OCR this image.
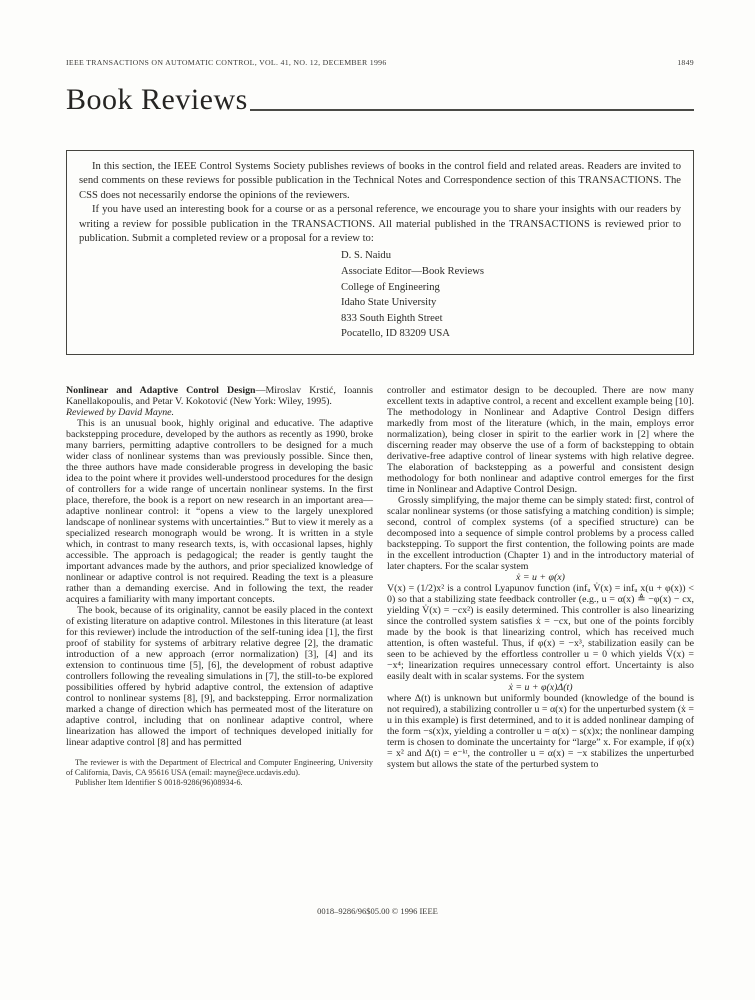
IEEE TRANSACTIONS ON AUTOMATIC CONTROL, VOL. 41, NO. 12, DECEMBER 1996	1849
Book Reviews

In this section, the IEEE Control Systems Society publishes reviews of books in the control field and related areas. Readers are invited to send comments on these reviews for possible publication in the Technical Notes and Correspondence section of this TRANSACTIONS. The CSS does not necessarily endorse the opinions of the reviewers.

If you have used an interesting book for a course or as a personal reference, we encourage you to share your insights with our readers by writing a review for possible publication in the TRANSACTIONS. All material published in the TRANSACTIONS is reviewed prior to publication. Submit a completed review or a proposal for a review to:

D. S. Naidu
Associate Editor—Book Reviews
College of Engineering
Idaho State University
833 South Eighth Street
Pocatello, ID 83209 USA

Nonlinear and Adaptive Control Design—Miroslav Krstić, Ioannis Kanellakopoulis, and Petar V. Kokotović (New York: Wiley, 1995).
Reviewed by David Mayne.

This is an unusual book, highly original and educative. The adaptive backstepping procedure, developed by the authors as recently as 1990, broke many barriers, permitting adaptive controllers to be designed for a much wider class of nonlinear systems than was previously possible. Since then, the three authors have made considerable progress in developing the basic idea to the point where it provides well-understood procedures for the design of controllers for a wide range of uncertain nonlinear systems. In the first place, therefore, the book is a report on new research in an important area—adaptive nonlinear control: it “opens a view to the largely unexplored landscape of nonlinear systems with uncertainties.” But to view it merely as a specialized research monograph would be wrong. It is written in a style which, in contrast to many research texts, is, with occasional lapses, highly accessible. The approach is pedagogical; the reader is gently taught the important advances made by the authors, and prior specialized knowledge of nonlinear or adaptive control is not required. Reading the text is a pleasure rather than a demanding exercise. And in following the text, the reader acquires a familiarity with many important concepts.

The book, because of its originality, cannot be easily placed in the context of existing literature on adaptive control. Milestones in this literature (at least for this reviewer) include the introduction of the self-tuning idea [1], the first proof of stability for systems of arbitrary relative degree [2], the dramatic introduction of a new approach (error normalization) [3], [4] and its extension to continuous time [5], [6], the development of robust adaptive controllers following the revealing simulations in [7], the still-to-be explored possibilities offered by hybrid adaptive control, the extension of adaptive control to nonlinear systems [8], [9], and backstepping. Error normalization marked a change of direction which has permeated most of the literature on adaptive control, including that on nonlinear adaptive control, where linearization has allowed the import of techniques developed initially for linear adaptive control [8] and has permitted

The reviewer is with the Department of Electrical and Computer Engineering, University of California, Davis, CA 95616 USA (email: mayne@ece.ucdavis.edu).

Publisher Item Identifier S 0018-9286(96)08934-6.

controller and estimator design to be decoupled. There are now many excellent texts in adaptive control, a recent and excellent example being [10]. The methodology in Nonlinear and Adaptive Control Design differs markedly from most of the literature (which, in the main, employs error normalization), being closer in spirit to the earlier work in [2] where the discerning reader may observe the use of a form of backstepping to obtain derivative-free adaptive control of linear systems with high relative degree. The elaboration of backstepping as a powerful and consistent design methodology for both nonlinear and adaptive control emerges for the first time in Nonlinear and Adaptive Control Design.

Grossly simplifying, the major theme can be simply stated: first, control of scalar nonlinear systems (or those satisfying a matching condition) is simple; second, control of complex systems (of a specified structure) can be decomposed into a sequence of simple control problems by a process called backstepping. To support the first contention, the following points are made in the excellent introduction (Chapter 1) and in the introductory material of later chapters. For the scalar system

ẋ = u + φ(x)

V(x) = (1/2)x² is a control Lyapunov function (infᵤ V̇(x) = infᵤ x(u + φ(x)) < 0) so that a stabilizing state feedback controller (e.g., u = α(x) ≜ −φ(x) − cx, yielding V̇(x) = −cx²) is easily determined. This controller is also linearizing since the controlled system satisfies ẋ = −cx, but one of the points forcibly made by the book is that linearizing control, which has received much attention, is often wasteful. Thus, if φ(x) = −x³, stabilization easily can be seen to be achieved by the effortless controller u = 0 which yields V̇(x) = −x⁴; linearization requires unnecessary control effort. Uncertainty is also easily dealt with in scalar systems. For the system

ẋ = u + φ(x)Δ(t)

where Δ(t) is unknown but uniformly bounded (knowledge of the bound is not required), a stabilizing controller u = α(x) for the unperturbed system (ẋ = u in this example) is first determined, and to it is added nonlinear damping of the form −s(x)x, yielding a controller u = α(x) − s(x)x; the nonlinear damping term is chosen to dominate the uncertainty for “large” x. For example, if φ(x) = x² and Δ(t) = e⁻ᵏᵗ, the controller u = α(x) = −x stabilizes the unperturbed system but allows the state of the perturbed system to

0018–9286/96$05.00 © 1996 IEEE
